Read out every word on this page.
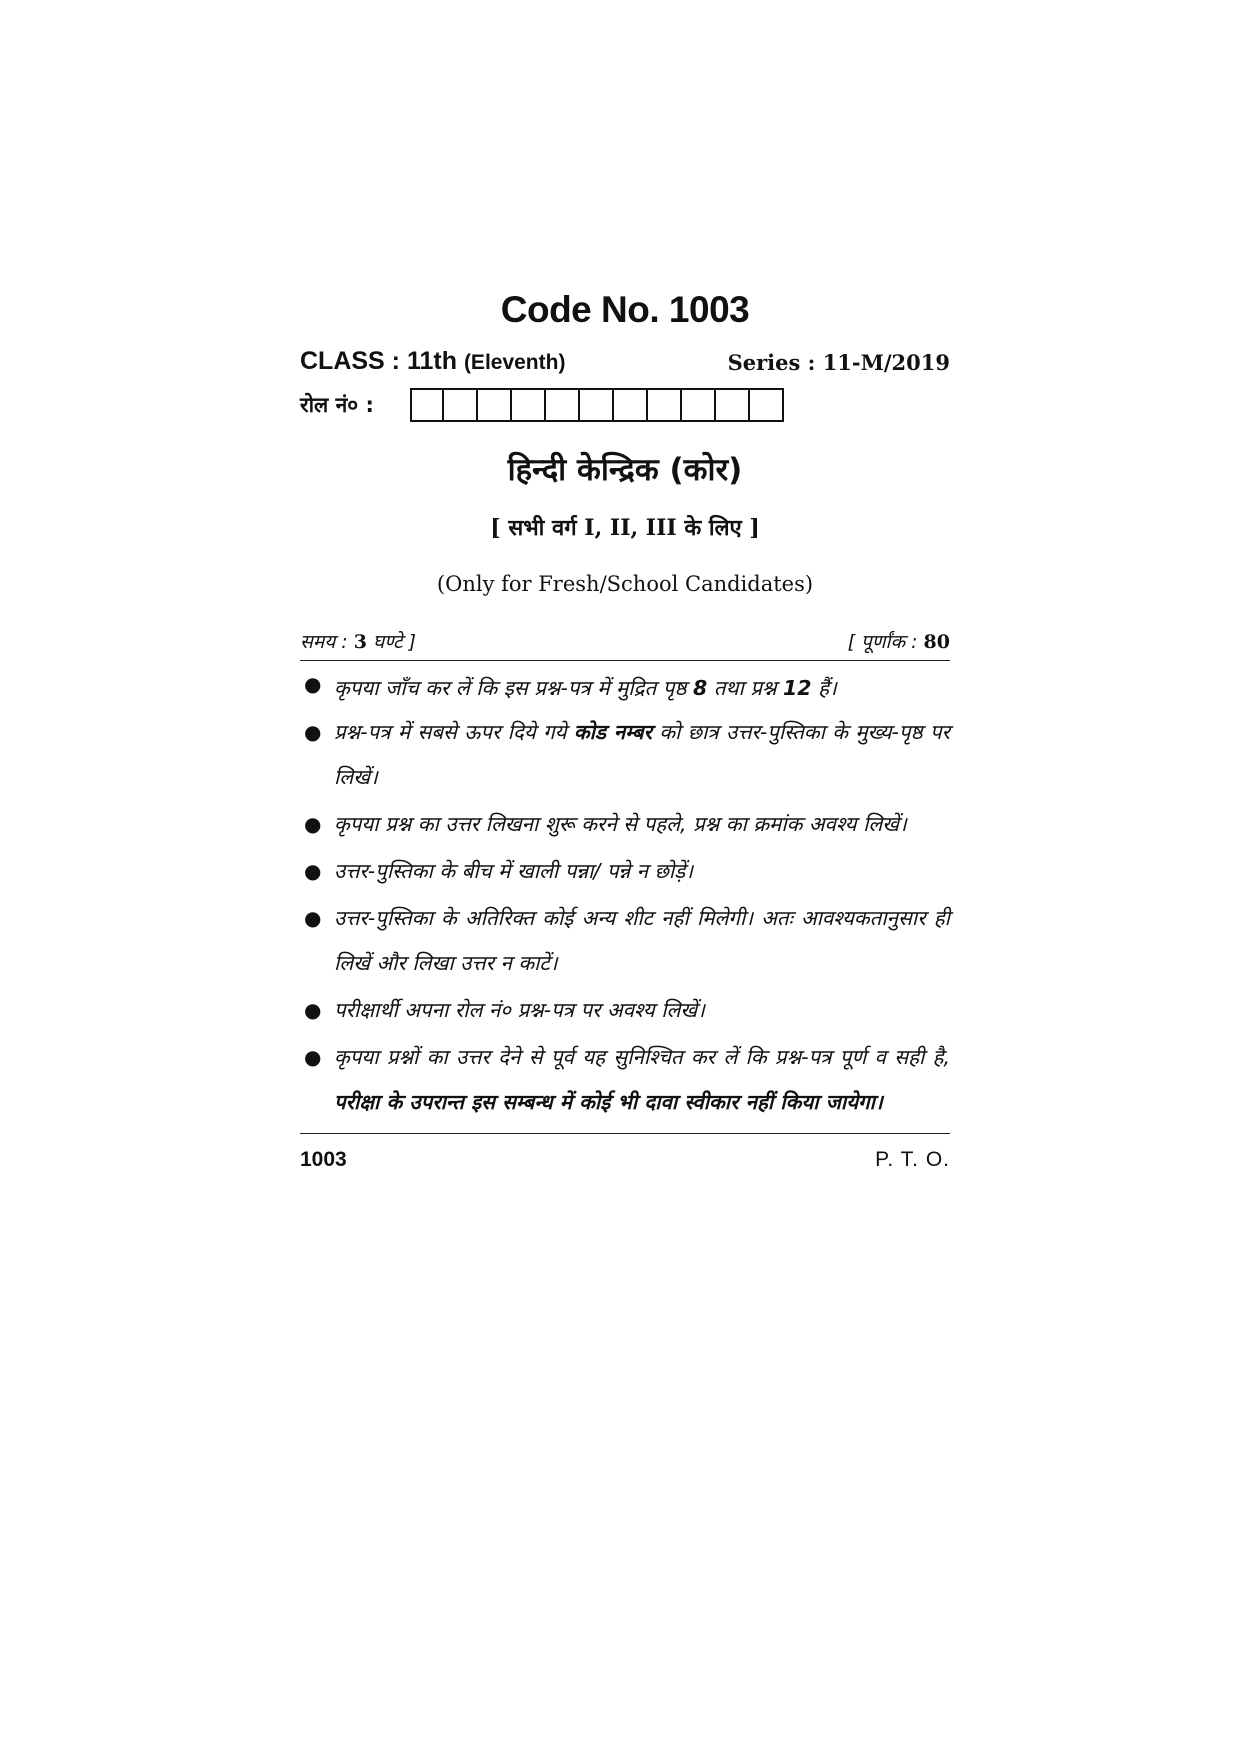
Code No. 1003
CLASS : 11th (Eleventh)	Series : 11-M/2019
रोल नं० :
हिन्दी केन्द्रिक (कोर)
[ सभी वर्ग I, II, III के लिए ]
(Only for Fresh/School Candidates)
समय : 3 घण्टे ]	[ पूर्णांक : 80
● कृपया जाँच कर लें कि इस प्रश्न-पत्र में मुद्रित पृष्ठ 8 तथा प्रश्न 12 हैं।
● प्रश्न-पत्र में सबसे ऊपर दिये गये कोड नम्बर को छात्र उत्तर-पुस्तिका के मुख्य-पृष्ठ पर लिखें।
● कृपया प्रश्न का उत्तर लिखना शुरू करने से पहले, प्रश्न का क्रमांक अवश्य लिखें।
● उत्तर-पुस्तिका के बीच में खाली पन्ना/ पन्ने न छोड़ें।
● उत्तर-पुस्तिका के अतिरिक्त कोई अन्य शीट नहीं मिलेगी। अतः आवश्यकतानुसार ही लिखें और लिखा उत्तर न काटें।
● परीक्षार्थी अपना रोल नं० प्रश्न-पत्र पर अवश्य लिखें।
● कृपया प्रश्नों का उत्तर देने से पूर्व यह सुनिश्चित कर लें कि प्रश्न-पत्र पूर्ण व सही है, परीक्षा के उपरान्त इस सम्बन्ध में कोई भी दावा स्वीकार नहीं किया जायेगा।
1003	P. T. O.
